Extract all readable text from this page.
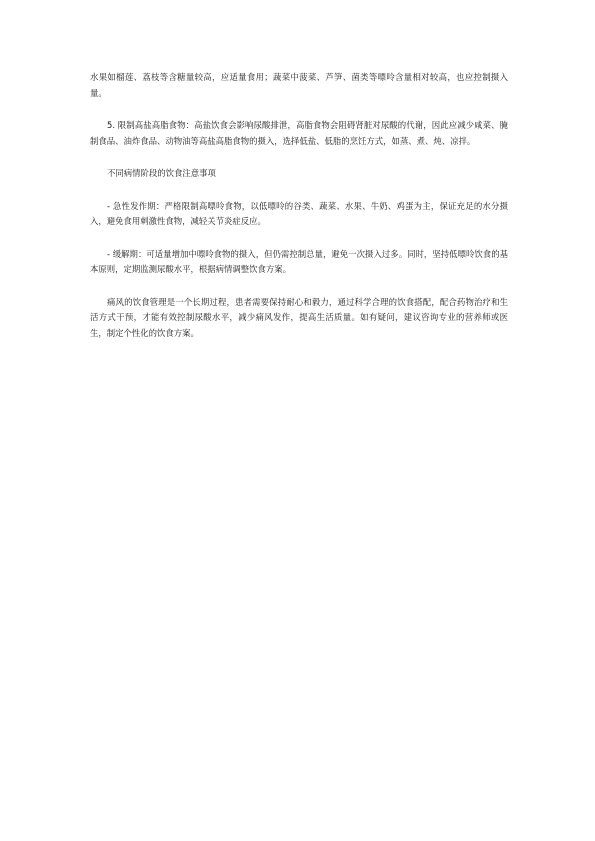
水果如榴莲、荔枝等含糖量较高，应适量食用；蔬菜中菠菜、芦笋、菌类等嘌呤含量相对较高，也应控制摄入量。

5. 限制高盐高脂食物：高盐饮食会影响尿酸排泄，高脂食物会阻碍肾脏对尿酸的代谢，因此应减少咸菜、腌制食品、油炸食品、动物油等高盐高脂食物的摄入，选择低盐、低脂的烹饪方式，如蒸、煮、炖、凉拌。

不同病情阶段的饮食注意事项

- 急性发作期：严格限制高嘌呤食物，以低嘌呤的谷类、蔬菜、水果、牛奶、鸡蛋为主，保证充足的水分摄入，避免食用刺激性食物，减轻关节炎症反应。

- 缓解期：可适量增加中嘌呤食物的摄入，但仍需控制总量，避免一次摄入过多。同时，坚持低嘌呤饮食的基本原则，定期监测尿酸水平，根据病情调整饮食方案。

痛风的饮食管理是一个长期过程，患者需要保持耐心和毅力，通过科学合理的饮食搭配，配合药物治疗和生活方式干预，才能有效控制尿酸水平，减少痛风发作，提高生活质量。如有疑问，建议咨询专业的营养师或医生，制定个性化的饮食方案。
